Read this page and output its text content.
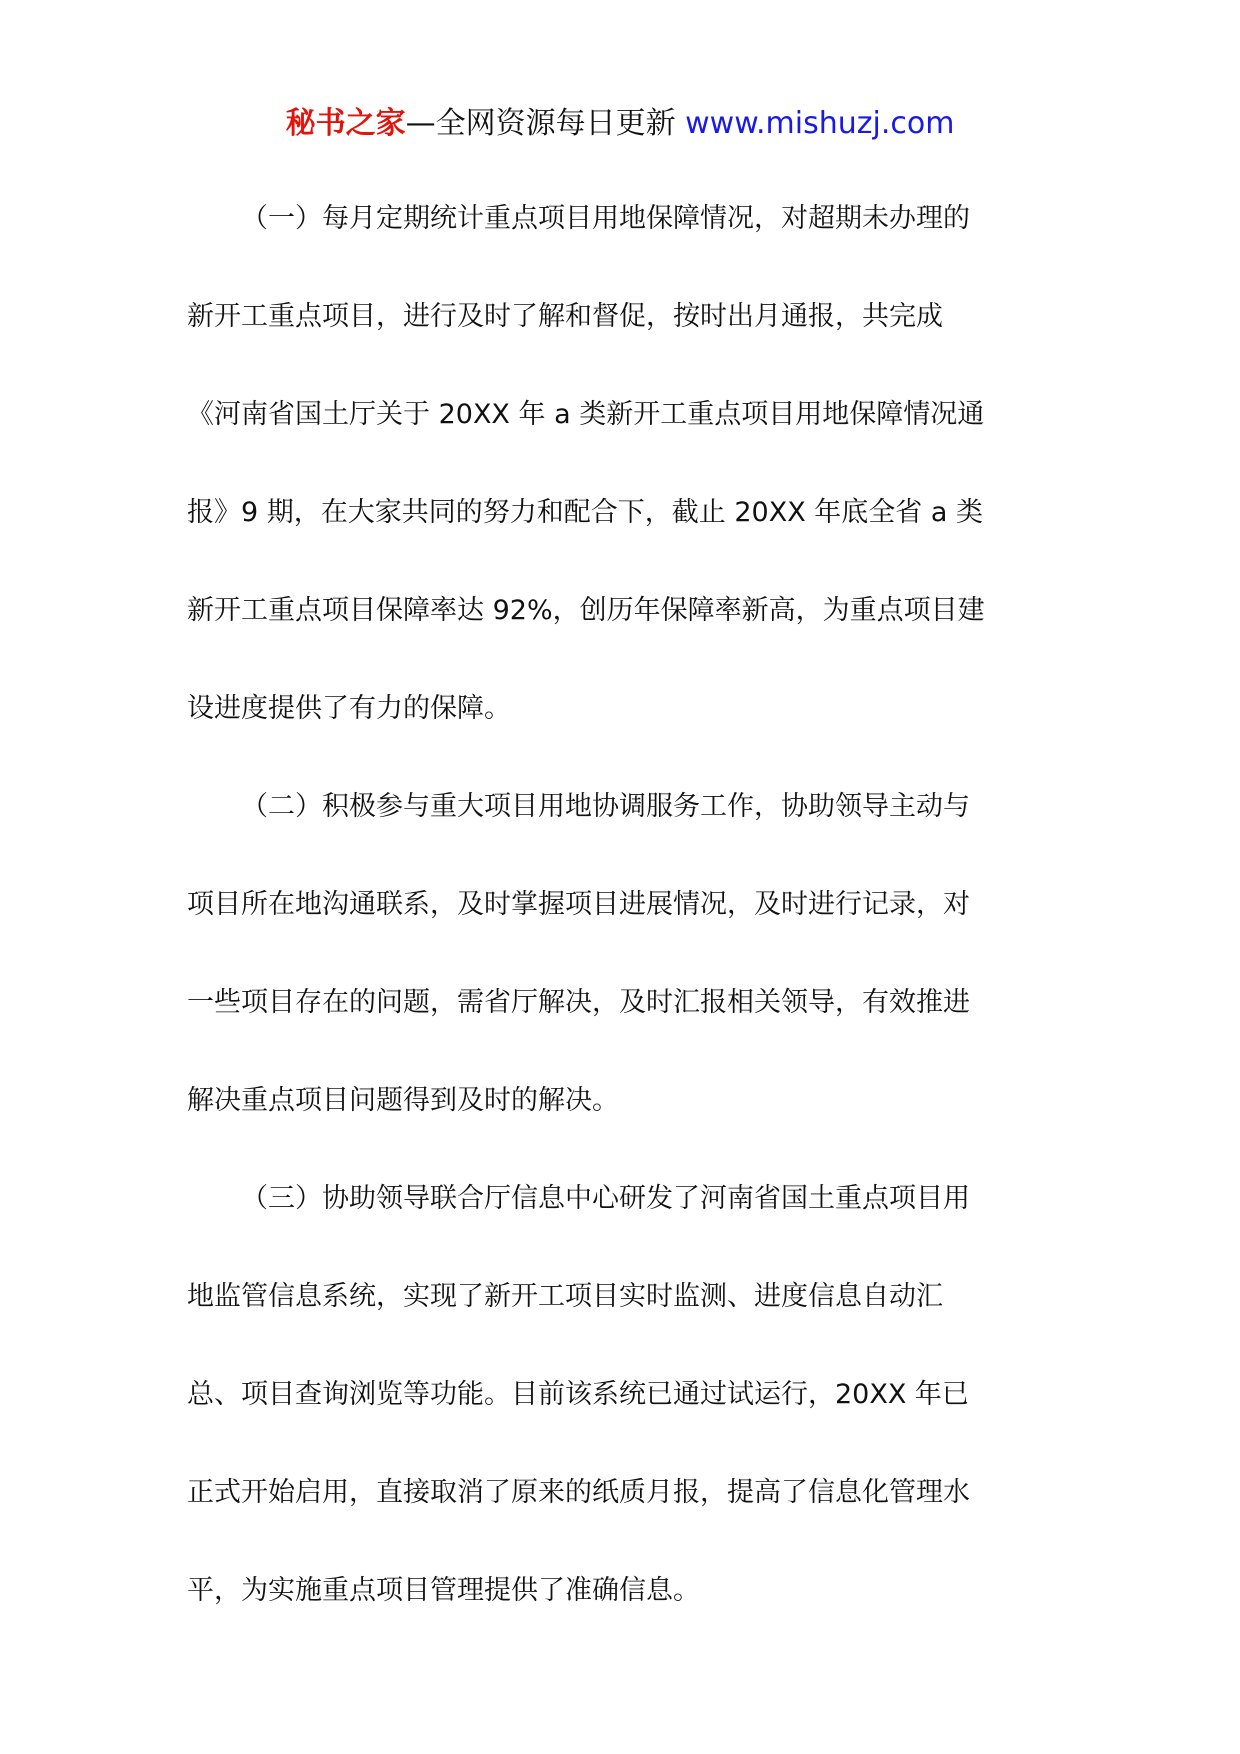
秘书之家—全网资源每日更新 www.mishuzj.com
（一）每月定期统计重点项目用地保障情况，对超期未办理的
新开工重点项目，进行及时了解和督促，按时出月通报，共完成
《河南省国土厅关于 20XX 年 a 类新开工重点项目用地保障情况通
报》9 期，在大家共同的努力和配合下，截止 20XX 年底全省 a 类
新开工重点项目保障率达 92%，创历年保障率新高，为重点项目建
设进度提供了有力的保障。
（二）积极参与重大项目用地协调服务工作，协助领导主动与
项目所在地沟通联系，及时掌握项目进展情况，及时进行记录，对
一些项目存在的问题，需省厅解决，及时汇报相关领导，有效推进
解决重点项目问题得到及时的解决。
（三）协助领导联合厅信息中心研发了河南省国土重点项目用
地监管信息系统，实现了新开工项目实时监测、进度信息自动汇
总、项目查询浏览等功能。目前该系统已通过试运行，20XX 年已
正式开始启用，直接取消了原来的纸质月报，提高了信息化管理水
平，为实施重点项目管理提供了准确信息。
